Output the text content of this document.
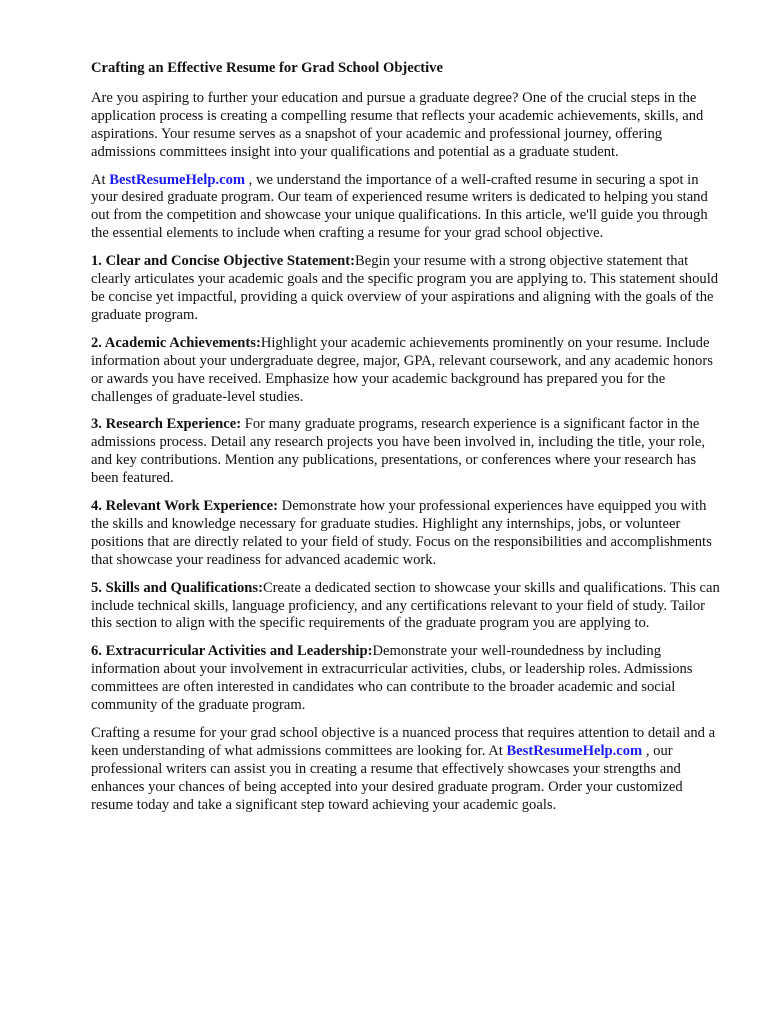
Crafting an Effective Resume for Grad School Objective

Are you aspiring to further your education and pursue a graduate degree? One of the crucial steps in the application process is creating a compelling resume that reflects your academic achievements, skills, and aspirations. Your resume serves as a snapshot of your academic and professional journey, offering admissions committees insight into your qualifications and potential as a graduate student.

At BestResumeHelp.com , we understand the importance of a well-crafted resume in securing a spot in your desired graduate program. Our team of experienced resume writers is dedicated to helping you stand out from the competition and showcase your unique qualifications. In this article, we'll guide you through the essential elements to include when crafting a resume for your grad school objective.

1. Clear and Concise Objective Statement:Begin your resume with a strong objective statement that clearly articulates your academic goals and the specific program you are applying to. This statement should be concise yet impactful, providing a quick overview of your aspirations and aligning with the goals of the graduate program.

2. Academic Achievements:Highlight your academic achievements prominently on your resume. Include information about your undergraduate degree, major, GPA, relevant coursework, and any academic honors or awards you have received. Emphasize how your academic background has prepared you for the challenges of graduate-level studies.

3. Research Experience: For many graduate programs, research experience is a significant factor in the admissions process. Detail any research projects you have been involved in, including the title, your role, and key contributions. Mention any publications, presentations, or conferences where your research has been featured.

4. Relevant Work Experience: Demonstrate how your professional experiences have equipped you with the skills and knowledge necessary for graduate studies. Highlight any internships, jobs, or volunteer positions that are directly related to your field of study. Focus on the responsibilities and accomplishments that showcase your readiness for advanced academic work.

5. Skills and Qualifications:Create a dedicated section to showcase your skills and qualifications. This can include technical skills, language proficiency, and any certifications relevant to your field of study. Tailor this section to align with the specific requirements of the graduate program you are applying to.

6. Extracurricular Activities and Leadership:Demonstrate your well-roundedness by including information about your involvement in extracurricular activities, clubs, or leadership roles. Admissions committees are often interested in candidates who can contribute to the broader academic and social community of the graduate program.

Crafting a resume for your grad school objective is a nuanced process that requires attention to detail and a keen understanding of what admissions committees are looking for. At BestResumeHelp.com , our professional writers can assist you in creating a resume that effectively showcases your strengths and enhances your chances of being accepted into your desired graduate program. Order your customized resume today and take a significant step toward achieving your academic goals.
